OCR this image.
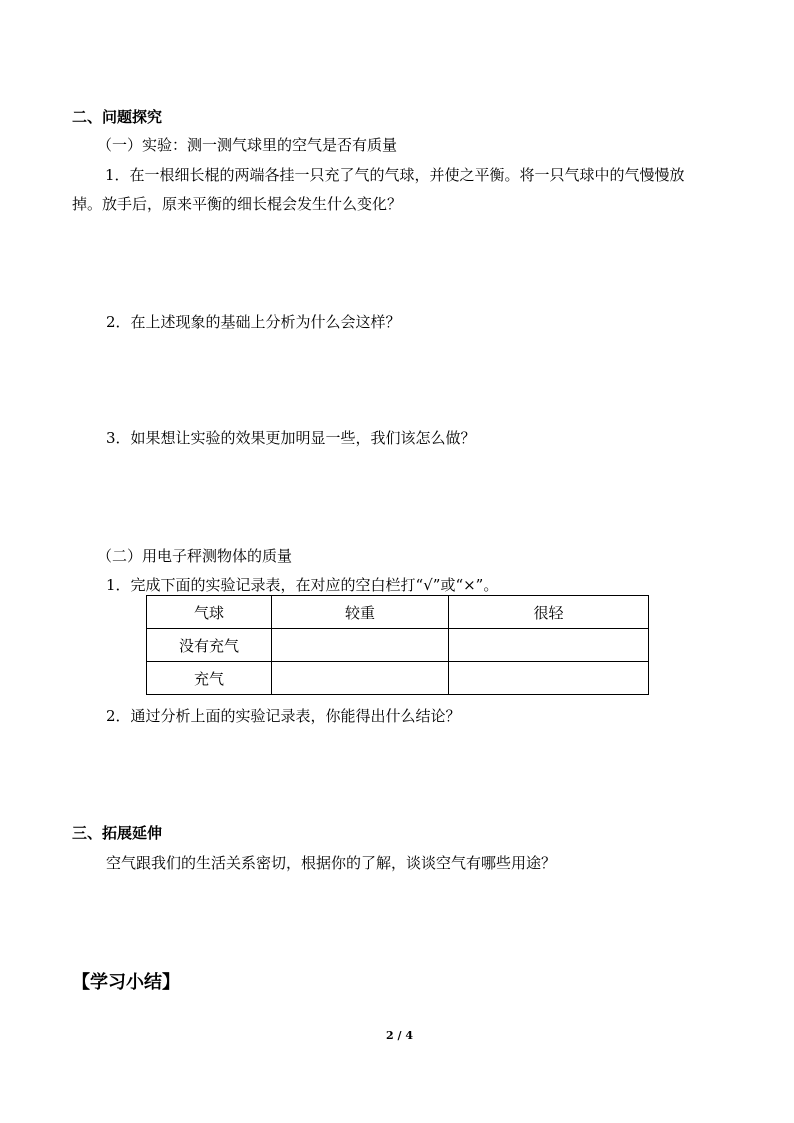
二、问题探究

（一）实验：测一测气球里的空气是否有质量

1．在一根细长棍的两端各挂一只充了气的气球，并使之平衡。将一只气球中的气慢慢放

掉。放手后，原来平衡的细长棍会发生什么变化？

2．在上述现象的基础上分析为什么会这样？

3．如果想让实验的效果更加明显一些，我们该怎么做？

（二）用电子秤测物体的质量

1．完成下面的实验记录表，在对应的空白栏打“√”或“×”。

气球	较重	很轻
没有充气		
充气		

2．通过分析上面的实验记录表，你能得出什么结论？

三、拓展延伸

空气跟我们的生活关系密切，根据你的了解，谈谈空气有哪些用途？

【学习小结】

2 / 4
